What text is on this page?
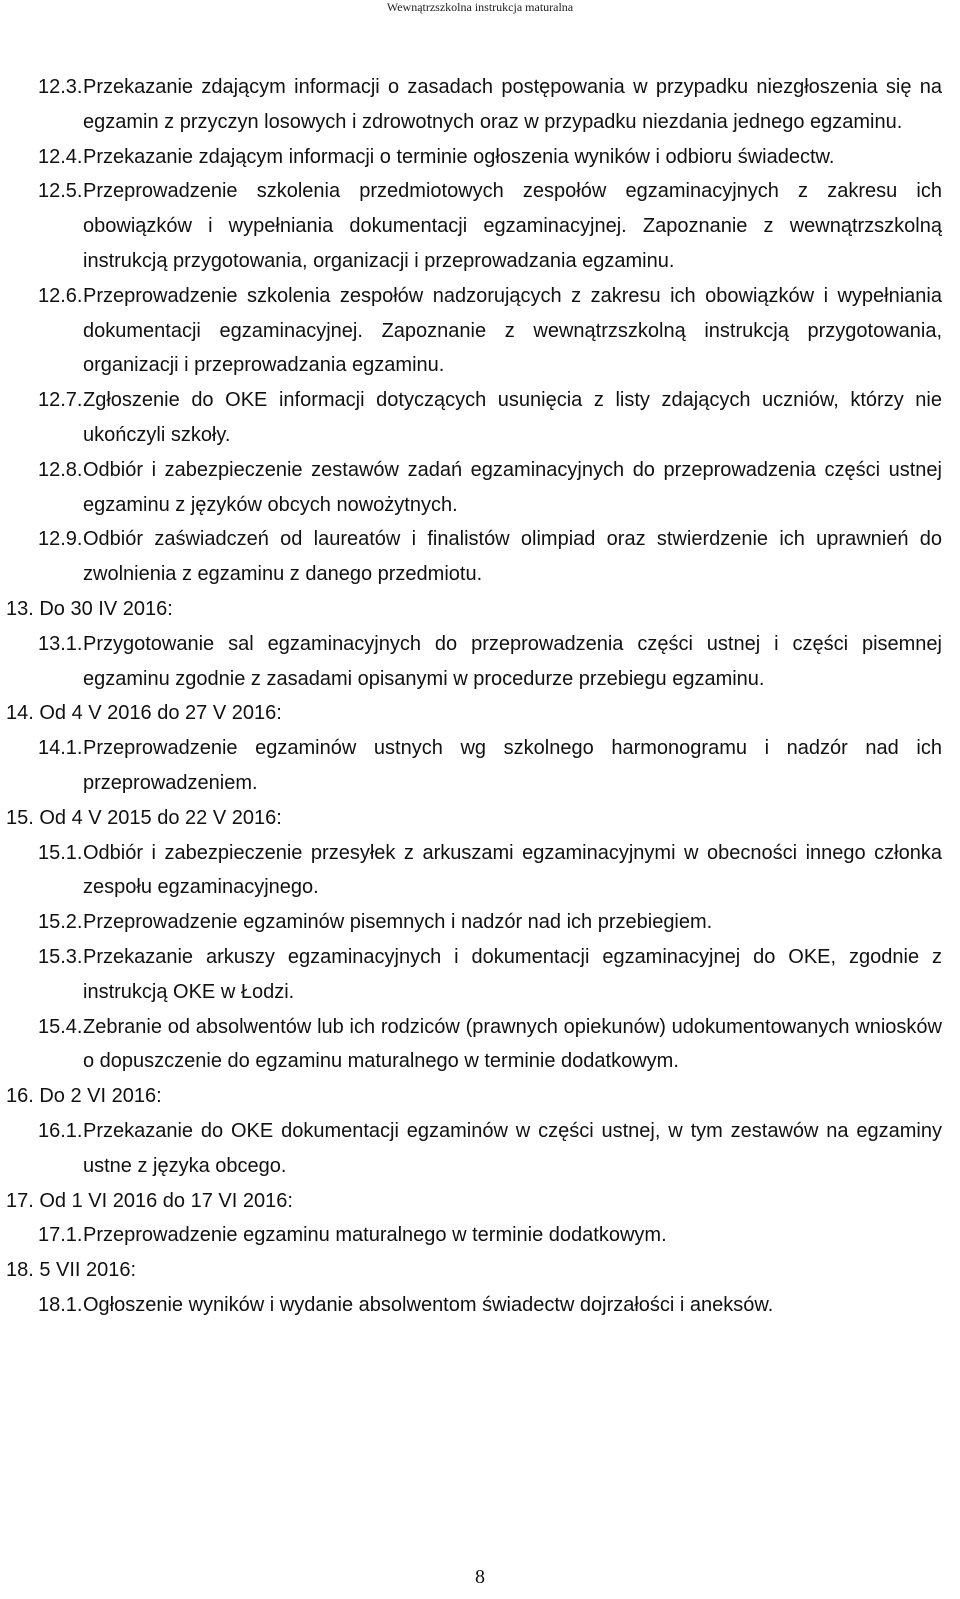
Wewnątrzszkolna instrukcja maturalna
12.3. Przekazanie zdającym informacji o zasadach postępowania w przypadku niezgłoszenia się na egzamin z przyczyn losowych i zdrowotnych oraz w przypadku niezdania jednego egzaminu.
12.4. Przekazanie zdającym informacji o terminie ogłoszenia wyników i odbioru świadectw.
12.5. Przeprowadzenie szkolenia przedmiotowych zespołów egzaminacyjnych z zakresu ich obowiązków i wypełniania dokumentacji egzaminacyjnej. Zapoznanie z wewnątrzszkolną instrukcją przygotowania, organizacji i przeprowadzania egzaminu.
12.6. Przeprowadzenie szkolenia zespołów nadzorujących z zakresu ich obowiązków i wypełniania dokumentacji egzaminacyjnej. Zapoznanie z wewnątrzszkolną instrukcją przygotowania, organizacji i przeprowadzania egzaminu.
12.7. Zgłoszenie do OKE informacji dotyczących usunięcia z listy zdających uczniów, którzy nie ukończyli szkoły.
12.8. Odbiór i zabezpieczenie zestawów zadań egzaminacyjnych do przeprowadzenia części ustnej egzaminu z języków obcych nowożytnych.
12.9. Odbiór zaświadczeń od laureatów i finalistów olimpiad oraz stwierdzenie ich uprawnień do zwolnienia z egzaminu z danego przedmiotu.
13. Do 30 IV 2016:
13.1. Przygotowanie sal egzaminacyjnych do przeprowadzenia części ustnej i części pisemnej egzaminu zgodnie z zasadami opisanymi w procedurze przebiegu egzaminu.
14. Od 4 V 2016 do 27 V 2016:
14.1. Przeprowadzenie egzaminów ustnych wg szkolnego harmonogramu i nadzór nad ich przeprowadzeniem.
15. Od 4 V 2015 do 22 V 2016:
15.1. Odbiór i zabezpieczenie przesyłek z arkuszami egzaminacyjnymi w obecności innego członka zespołu egzaminacyjnego.
15.2. Przeprowadzenie egzaminów pisemnych i nadzór nad ich przebiegiem.
15.3. Przekazanie arkuszy egzaminacyjnych i dokumentacji egzaminacyjnej do OKE, zgodnie z instrukcją OKE w Łodzi.
15.4. Zebranie od absolwentów lub ich rodziców (prawnych opiekunów) udokumentowanych wniosków o dopuszczenie do egzaminu maturalnego w terminie dodatkowym.
16. Do 2 VI 2016:
16.1. Przekazanie do OKE dokumentacji egzaminów w części ustnej, w tym zestawów na egzaminy ustne z języka obcego.
17. Od 1 VI 2016 do 17 VI 2016:
17.1. Przeprowadzenie egzaminu maturalnego w terminie dodatkowym.
18. 5 VII 2016:
18.1. Ogłoszenie wyników i wydanie absolwentom świadectw dojrzałości i aneksów.
8
